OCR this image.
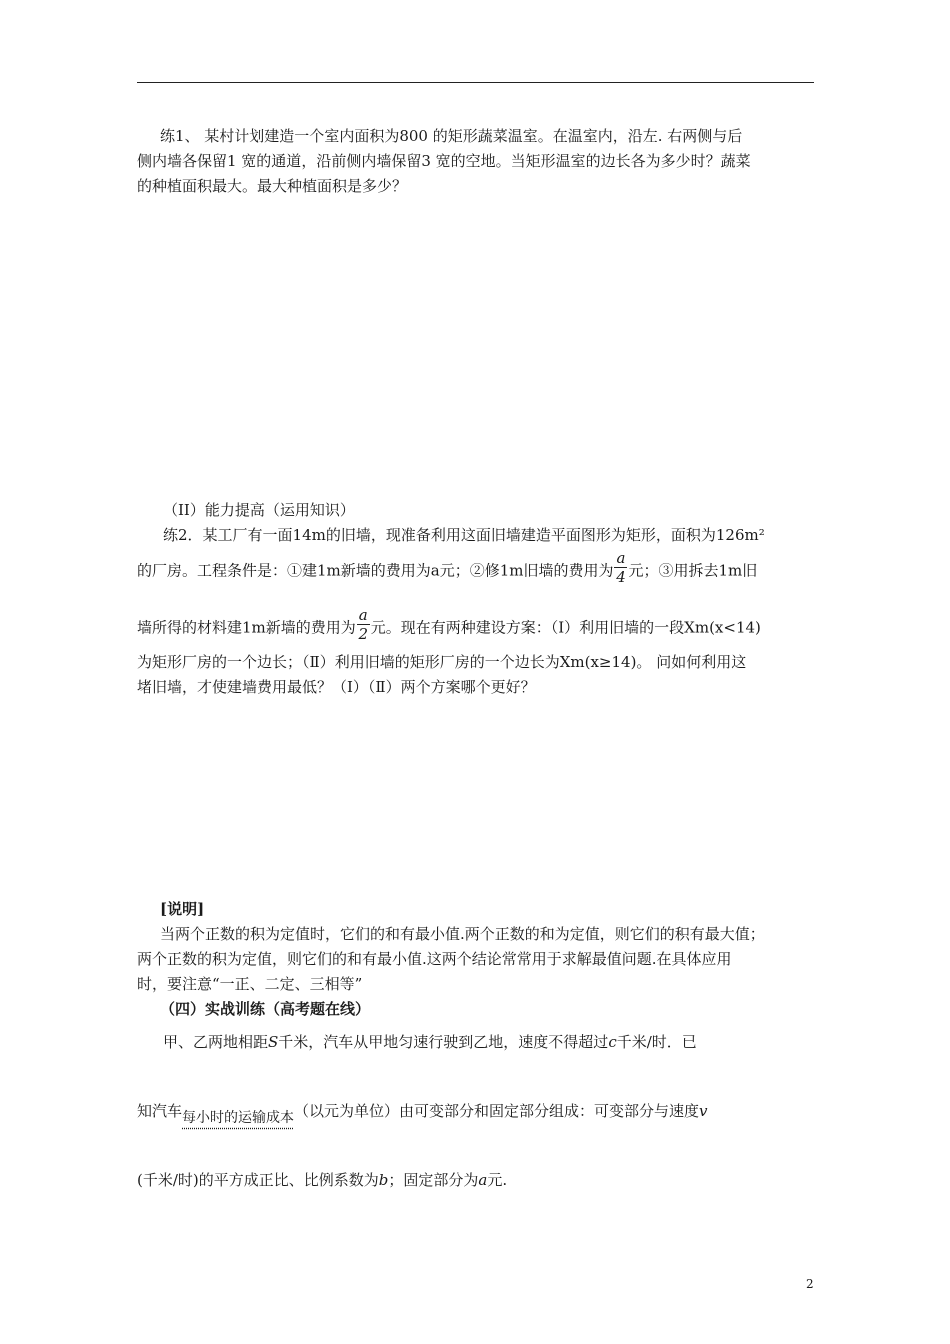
练1、 某村计划建造一个室内面积为800 的矩形蔬菜温室。在温室内，沿左. 右两侧与后
侧内墙各保留1 宽的通道，沿前侧内墙保留3 宽的空地。当矩形温室的边长各为多少时？蔬菜
的种植面积最大。最大种植面积是多少？
（II）能力提高（运用知识）
练2．某工厂有一面14m的旧墙，现准备利用这面旧墙建造平面图形为矩形，面积为126m²
的厂房。工程条件是：①建1m新墙的费用为a元；②修1m旧墙的费用为 $\frac{a}{4}$ 元；③用拆去1m旧
墙所得的材料建1m新墙的费用为 $\frac{a}{2}$ 元。现在有两种建设方案：（Ⅰ）利用旧墙的一段Xm(x<14)
为矩形厂房的一个边长；（Ⅱ）利用旧墙的矩形厂房的一个边长为Xm(x≥14)。 问如何利用这
堵旧墙，才使建墙费用最低？（Ⅰ）（Ⅱ）两个方案哪个更好？
[说明]
当两个正数的积为定值时，它们的和有最小值.两个正数的和为定值，则它们的积有最大值；
两个正数的积为定值，则它们的和有最小值.这两个结论常常用于求解最值问题.在具体应用
时，要注意“一正、二定、三相等”
（四）实战训练（高考题在线）
甲、乙两地相距S千米，汽车从甲地匀速行驶到乙地，速度不得超过c千米/时．已
知汽车每小时的运输成本（以元为单位）由可变部分和固定部分组成：可变部分与速度v
(千米/时)的平方成正比、比例系数为b；固定部分为a元.
2
